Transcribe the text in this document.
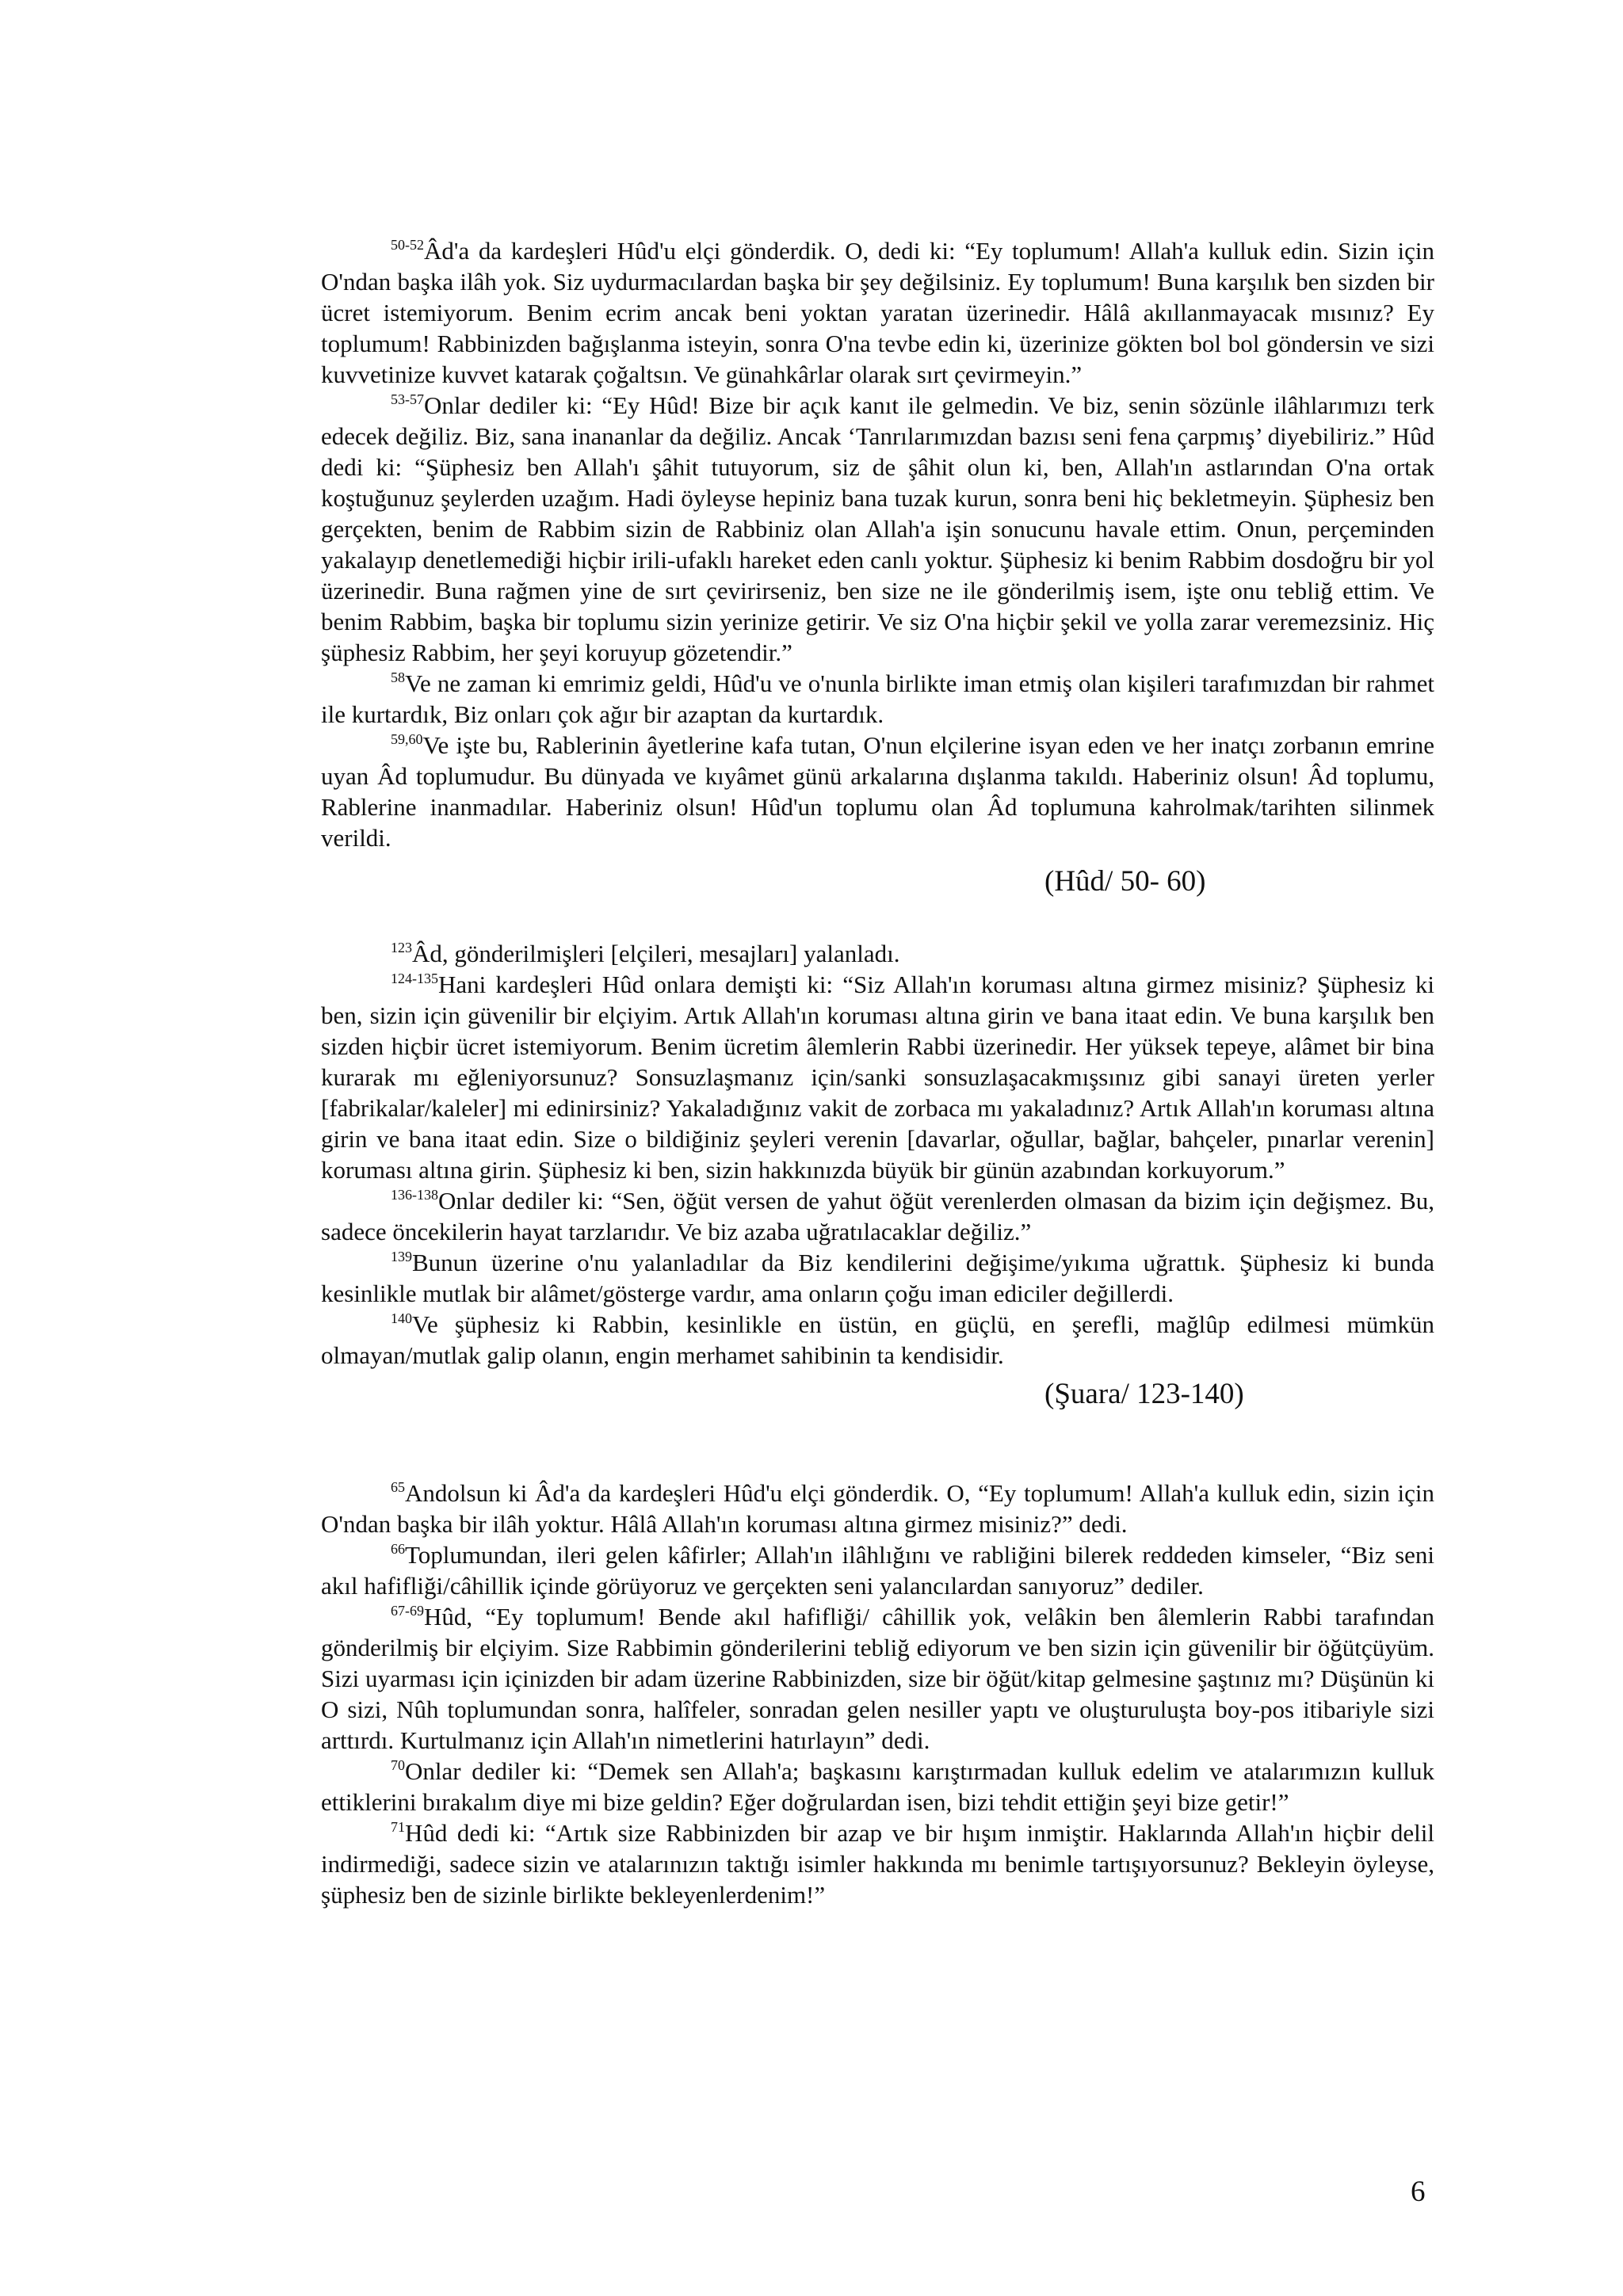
$^{50-52}$Âd'a da kardeşleri Hûd'u elçi gönderdik. O, dedi ki: “Ey toplumum! Allah'a kulluk edin. Sizin için O'ndan başka ilâh yok. Siz uydurmacılardan başka bir şey değilsiniz. Ey toplumum! Buna karşılık ben sizden bir ücret istemiyorum. Benim ecrim ancak beni yoktan yaratan üzerinedir. Hâlâ akıllanmayacak mısınız? Ey toplumum! Rabbinizden bağışlanma isteyin, sonra O'na tevbe edin ki, üzerinize gökten bol bol göndersin ve sizi kuvvetinize kuvvet katarak çoğaltsın. Ve günahkârlar olarak sırt çevirmeyin.”

$^{53-57}$Onlar dediler ki: “Ey Hûd! Bize bir açık kanıt ile gelmedin. Ve biz, senin sözünle ilâhlarımızı terk edecek değiliz. Biz, sana inananlar da değiliz. Ancak ‘Tanrılarımızdan bazısı seni fena çarpmış’ diyebiliriz.” Hûd dedi ki: “Şüphesiz ben Allah'ı şâhit tutuyorum, siz de şâhit olun ki, ben, Allah'ın astlarından O'na ortak koştuğunuz şeylerden uzağım. Hadi öyleyse hepiniz bana tuzak kurun, sonra beni hiç bekletmeyin. Şüphesiz ben gerçekten, benim de Rabbim sizin de Rabbiniz olan Allah'a işin sonucunu havale ettim. Onun, perçeminden yakalayıp denetlemediği hiçbir irili-ufaklı hareket eden canlı yoktur. Şüphesiz ki benim Rabbim dosdoğru bir yol üzerinedir. Buna rağmen yine de sırt çevirirseniz, ben size ne ile gönderilmiş isem, işte onu tebliğ ettim. Ve benim Rabbim, başka bir toplumu sizin yerinize getirir. Ve siz O'na hiçbir şekil ve yolla zarar veremezsiniz. Hiç şüphesiz Rabbim, her şeyi koruyup gözetendir.”

$^{58}$Ve ne zaman ki emrimiz geldi, Hûd'u ve o'nunla birlikte iman etmiş olan kişileri tarafımızdan bir rahmet ile kurtardık, Biz onları çok ağır bir azaptan da kurtardık.

$^{59,60}$Ve işte bu, Rablerinin âyetlerine kafa tutan, O'nun elçilerine isyan eden ve her inatçı zorbanın emrine uyan Âd toplumudur. Bu dünyada ve kıyâmet günü arkalarına dışlanma takıldı. Haberiniz olsun! Âd toplumu, Rablerine inanmadılar. Haberiniz olsun! Hûd'un toplumu olan Âd toplumuna kahrolmak/tarihten silinmek verildi.

(Hûd/ 50- 60)

$^{123}$Âd, gönderilmişleri [elçileri, mesajları] yalanladı.

$^{124-135}$Hani kardeşleri Hûd onlara demişti ki: “Siz Allah'ın koruması altına girmez misiniz? Şüphesiz ki ben, sizin için güvenilir bir elçiyim. Artık Allah'ın koruması altına girin ve bana itaat edin. Ve buna karşılık ben sizden hiçbir ücret istemiyorum. Benim ücretim âlemlerin Rabbi üzerinedir. Her yüksek tepeye, alâmet bir bina kurarak mı eğleniyorsunuz? Sonsuzlaşmanız için/sanki sonsuzlaşacakmışsınız gibi sanayi üreten yerler [fabrikalar/kaleler] mi edinirsiniz? Yakaladığınız vakit de zorbaca mı yakaladınız? Artık Allah'ın koruması altına girin ve bana itaat edin. Size o bildiğiniz şeyleri verenin [davarlar, oğullar, bağlar, bahçeler, pınarlar verenin] koruması altına girin. Şüphesiz ki ben, sizin hakkınızda büyük bir günün azabından korkuyorum.”

$^{136-138}$Onlar dediler ki: “Sen, öğüt versen de yahut öğüt verenlerden olmasan da bizim için değişmez. Bu, sadece öncekilerin hayat tarzlarıdır. Ve biz azaba uğratılacaklar değiliz.”

$^{139}$Bunun üzerine o'nu yalanladılar da Biz kendilerini değişime/yıkıma uğrattık. Şüphesiz ki bunda kesinlikle mutlak bir alâmet/gösterge vardır, ama onların çoğu iman ediciler değillerdi.

$^{140}$Ve şüphesiz ki Rabbin, kesinlikle en üstün, en güçlü, en şerefli, mağlûp edilmesi mümkün olmayan/mutlak galip olanın, engin merhamet sahibinin ta kendisidir.

(Şuara/ 123-140)

$^{65}$Andolsun ki Âd'a da kardeşleri Hûd'u elçi gönderdik. O, “Ey toplumum! Allah'a kulluk edin, sizin için O'ndan başka bir ilâh yoktur. Hâlâ Allah'ın koruması altına girmez misiniz?” dedi.

$^{66}$Toplumundan, ileri gelen kâfirler; Allah'ın ilâhlığını ve rabliğini bilerek reddeden kimseler, “Biz seni akıl hafifliği/câhillik içinde görüyoruz ve gerçekten seni yalancılardan sanıyoruz” dediler.

$^{67-69}$Hûd, “Ey toplumum! Bende akıl hafifliği/ câhillik yok, velâkin ben âlemlerin Rabbi tarafından gönderilmiş bir elçiyim. Size Rabbimin gönderilerini tebliğ ediyorum ve ben sizin için güvenilir bir öğütçüyüm. Sizi uyarması için içinizden bir adam üzerine Rabbinizden, size bir öğüt/kitap gelmesine şaştınız mı? Düşünün ki O sizi, Nûh toplumundan sonra, halîfeler, sonradan gelen nesiller yaptı ve oluşturuluşta boy-pos itibariyle sizi arttırdı. Kurtulmanız için Allah'ın nimetlerini hatırlayın” dedi.

$^{70}$Onlar dediler ki: “Demek sen Allah'a; başkasını karıştırmadan kulluk edelim ve atalarımızın kulluk ettiklerini bırakalım diye mi bize geldin? Eğer doğrulardan isen, bizi tehdit ettiğin şeyi bize getir!”

$^{71}$Hûd dedi ki: “Artık size Rabbinizden bir azap ve bir hışım inmiştir. Haklarında Allah'ın hiçbir delil indirmediği, sadece sizin ve atalarınızın taktığı isimler hakkında mı benimle tartışıyorsunuz? Bekleyin öyleyse, şüphesiz ben de sizinle birlikte bekleyenlerdenim!”

6
